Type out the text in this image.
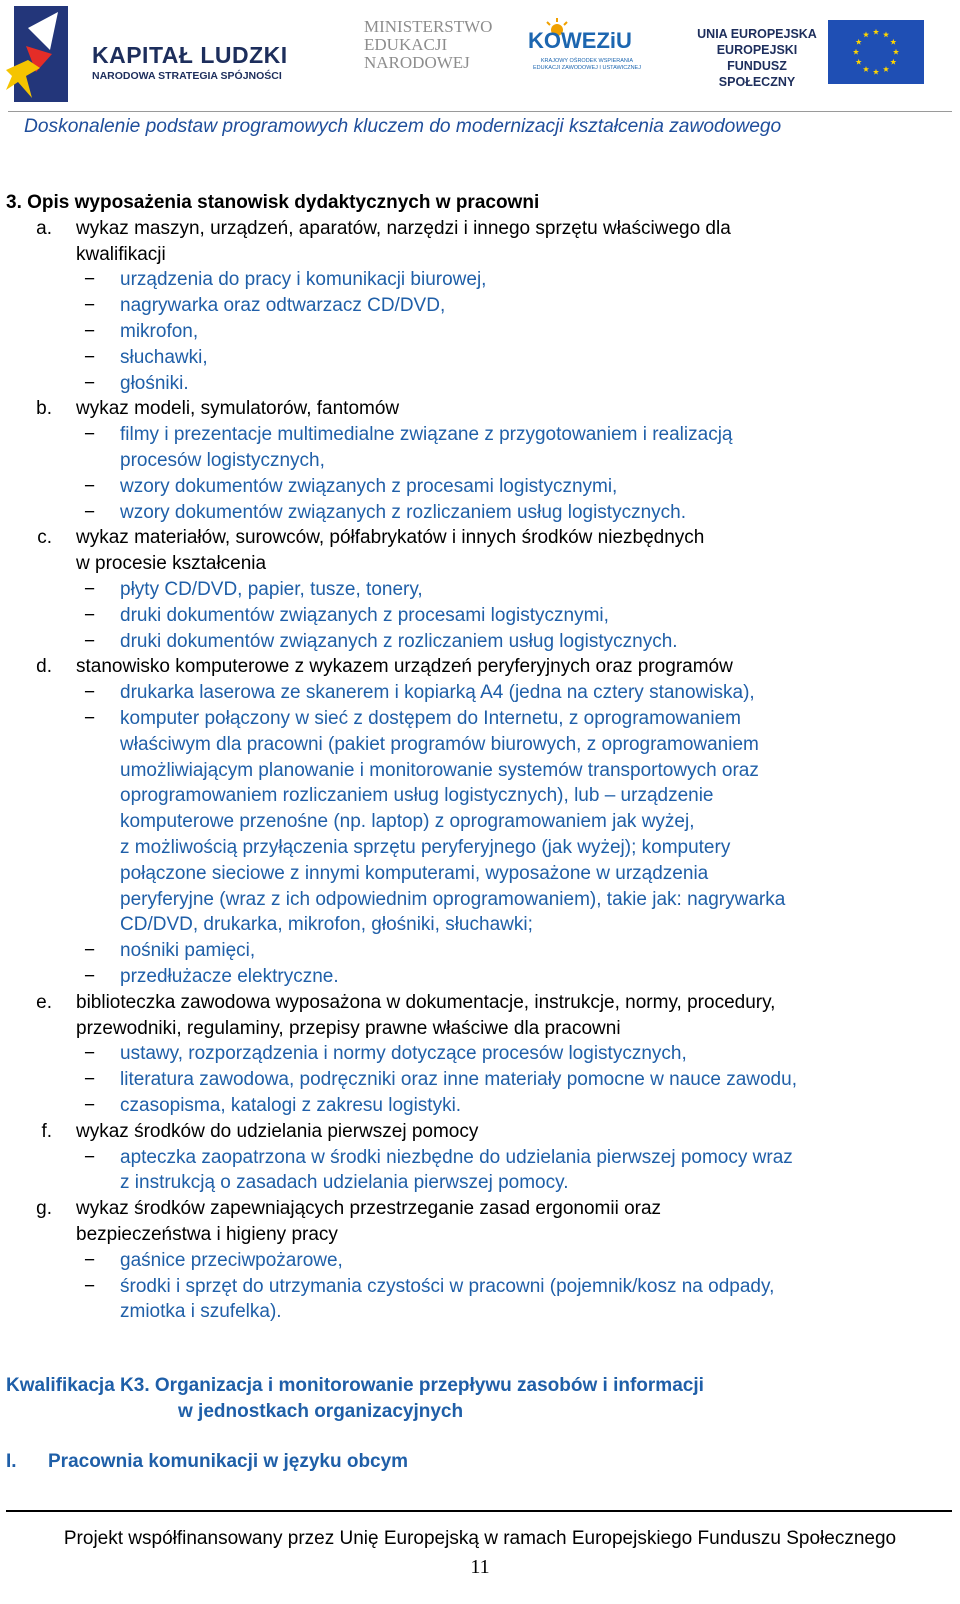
KAPITAŁ LUDZKI
NARODOWA STRATEGIA SPÓJNOŚCI
MINISTERSTWO
EDUKACJI
NARODOWEJ
KOWEZiU
KRAJOWY OŚRODEK WSPIERANIA EDUKACJI ZAWODOWEJ I USTAWICZNEJ
UNIA EUROPEJSKA
EUROPEJSKI
FUNDUSZ SPOŁECZNY
Doskonalenie podstaw programowych kluczem do modernizacji kształcenia zawodowego
3. Opis wyposażenia stanowisk dydaktycznych w pracowni
a. wykaz maszyn, urządzeń, aparatów, narzędzi i innego sprzętu właściwego dla
kwalifikacji
− urządzenia do pracy i komunikacji biurowej,
− nagrywarka oraz odtwarzacz CD/DVD,
− mikrofon,
− słuchawki,
− głośniki.
b. wykaz modeli, symulatorów, fantomów
− filmy i prezentacje multimedialne związane z przygotowaniem i realizacją
procesów logistycznych,
− wzory dokumentów związanych z procesami logistycznymi,
− wzory dokumentów związanych z rozliczaniem usług logistycznych.
c. wykaz materiałów, surowców, półfabrykatów i innych środków niezbędnych
w procesie kształcenia
− płyty CD/DVD, papier, tusze, tonery,
− druki dokumentów związanych z procesami logistycznymi,
− druki dokumentów związanych z rozliczaniem usług logistycznych.
d. stanowisko komputerowe z wykazem urządzeń peryferyjnych oraz programów
− drukarka laserowa ze skanerem i kopiarką A4 (jedna na cztery stanowiska),
− komputer połączony w sieć z dostępem do Internetu, z oprogramowaniem
właściwym dla pracowni (pakiet programów biurowych, z oprogramowaniem
umożliwiającym planowanie i monitorowanie systemów transportowych oraz
oprogramowaniem rozliczaniem usług logistycznych), lub – urządzenie
komputerowe przenośne (np. laptop) z oprogramowaniem jak wyżej,
z możliwością przyłączenia sprzętu peryferyjnego (jak wyżej); komputery
połączone sieciowe z innymi komputerami, wyposażone w urządzenia
peryferyjne (wraz z ich odpowiednim oprogramowaniem), takie jak: nagrywarka
CD/DVD, drukarka, mikrofon, głośniki, słuchawki;
− nośniki pamięci,
− przedłużacze elektryczne.
e. biblioteczka zawodowa wyposażona w dokumentacje, instrukcje, normy, procedury,
przewodniki, regulaminy, przepisy prawne właściwe dla pracowni
− ustawy, rozporządzenia i normy dotyczące procesów logistycznych,
− literatura zawodowa, podręczniki oraz inne materiały pomocne w nauce zawodu,
− czasopisma, katalogi z zakresu logistyki.
f. wykaz środków do udzielania pierwszej pomocy
− apteczka zaopatrzona w środki niezbędne do udzielania pierwszej pomocy wraz
z instrukcją o zasadach udzielania pierwszej pomocy.
g. wykaz środków zapewniających przestrzeganie zasad ergonomii oraz
bezpieczeństwa i higieny pracy
− gaśnice przeciwpożarowe,
− środki i sprzęt do utrzymania czystości w pracowni (pojemnik/kosz na odpady,
zmiotka i szufelka).
Kwalifikacja K3. Organizacja i monitorowanie przepływu zasobów i informacji
w jednostkach organizacyjnych
I. Pracownia komunikacji w języku obcym
Projekt współfinansowany przez Unię Europejską w ramach Europejskiego Funduszu Społecznego
11
